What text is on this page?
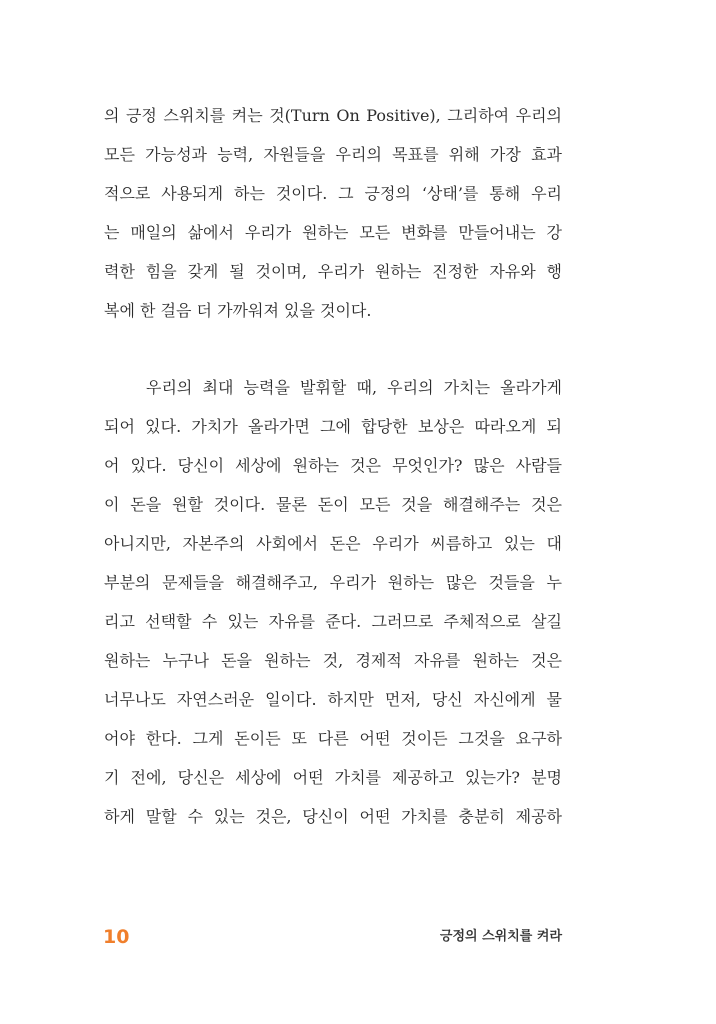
의 긍정 스위치를 켜는 것(Turn On Positive), 그리하여 우리의
모든 가능성과 능력, 자원들을 우리의 목표를 위해 가장 효과
적으로 사용되게 하는 것이다. 그 긍정의 ‘상태’를 통해 우리
는 매일의 삶에서 우리가 원하는 모든 변화를 만들어내는 강
력한 힘을 갖게 될 것이며, 우리가 원하는 진정한 자유와 행
복에 한 걸음 더 가까워져 있을 것이다.
우리의 최대 능력을 발휘할 때, 우리의 가치는 올라가게
되어 있다. 가치가 올라가면 그에 합당한 보상은 따라오게 되
어 있다. 당신이 세상에 원하는 것은 무엇인가? 많은 사람들
이 돈을 원할 것이다. 물론 돈이 모든 것을 해결해주는 것은
아니지만, 자본주의 사회에서 돈은 우리가 씨름하고 있는 대
부분의 문제들을 해결해주고, 우리가 원하는 많은 것들을 누
리고 선택할 수 있는 자유를 준다. 그러므로 주체적으로 살길
원하는 누구나 돈을 원하는 것, 경제적 자유를 원하는 것은
너무나도 자연스러운 일이다. 하지만 먼저, 당신 자신에게 물
어야 한다. 그게 돈이든 또 다른 어떤 것이든 그것을 요구하
기 전에, 당신은 세상에 어떤 가치를 제공하고 있는가? 분명
하게 말할 수 있는 것은, 당신이 어떤 가치를 충분히 제공하
10	긍정의 스위치를 켜라
